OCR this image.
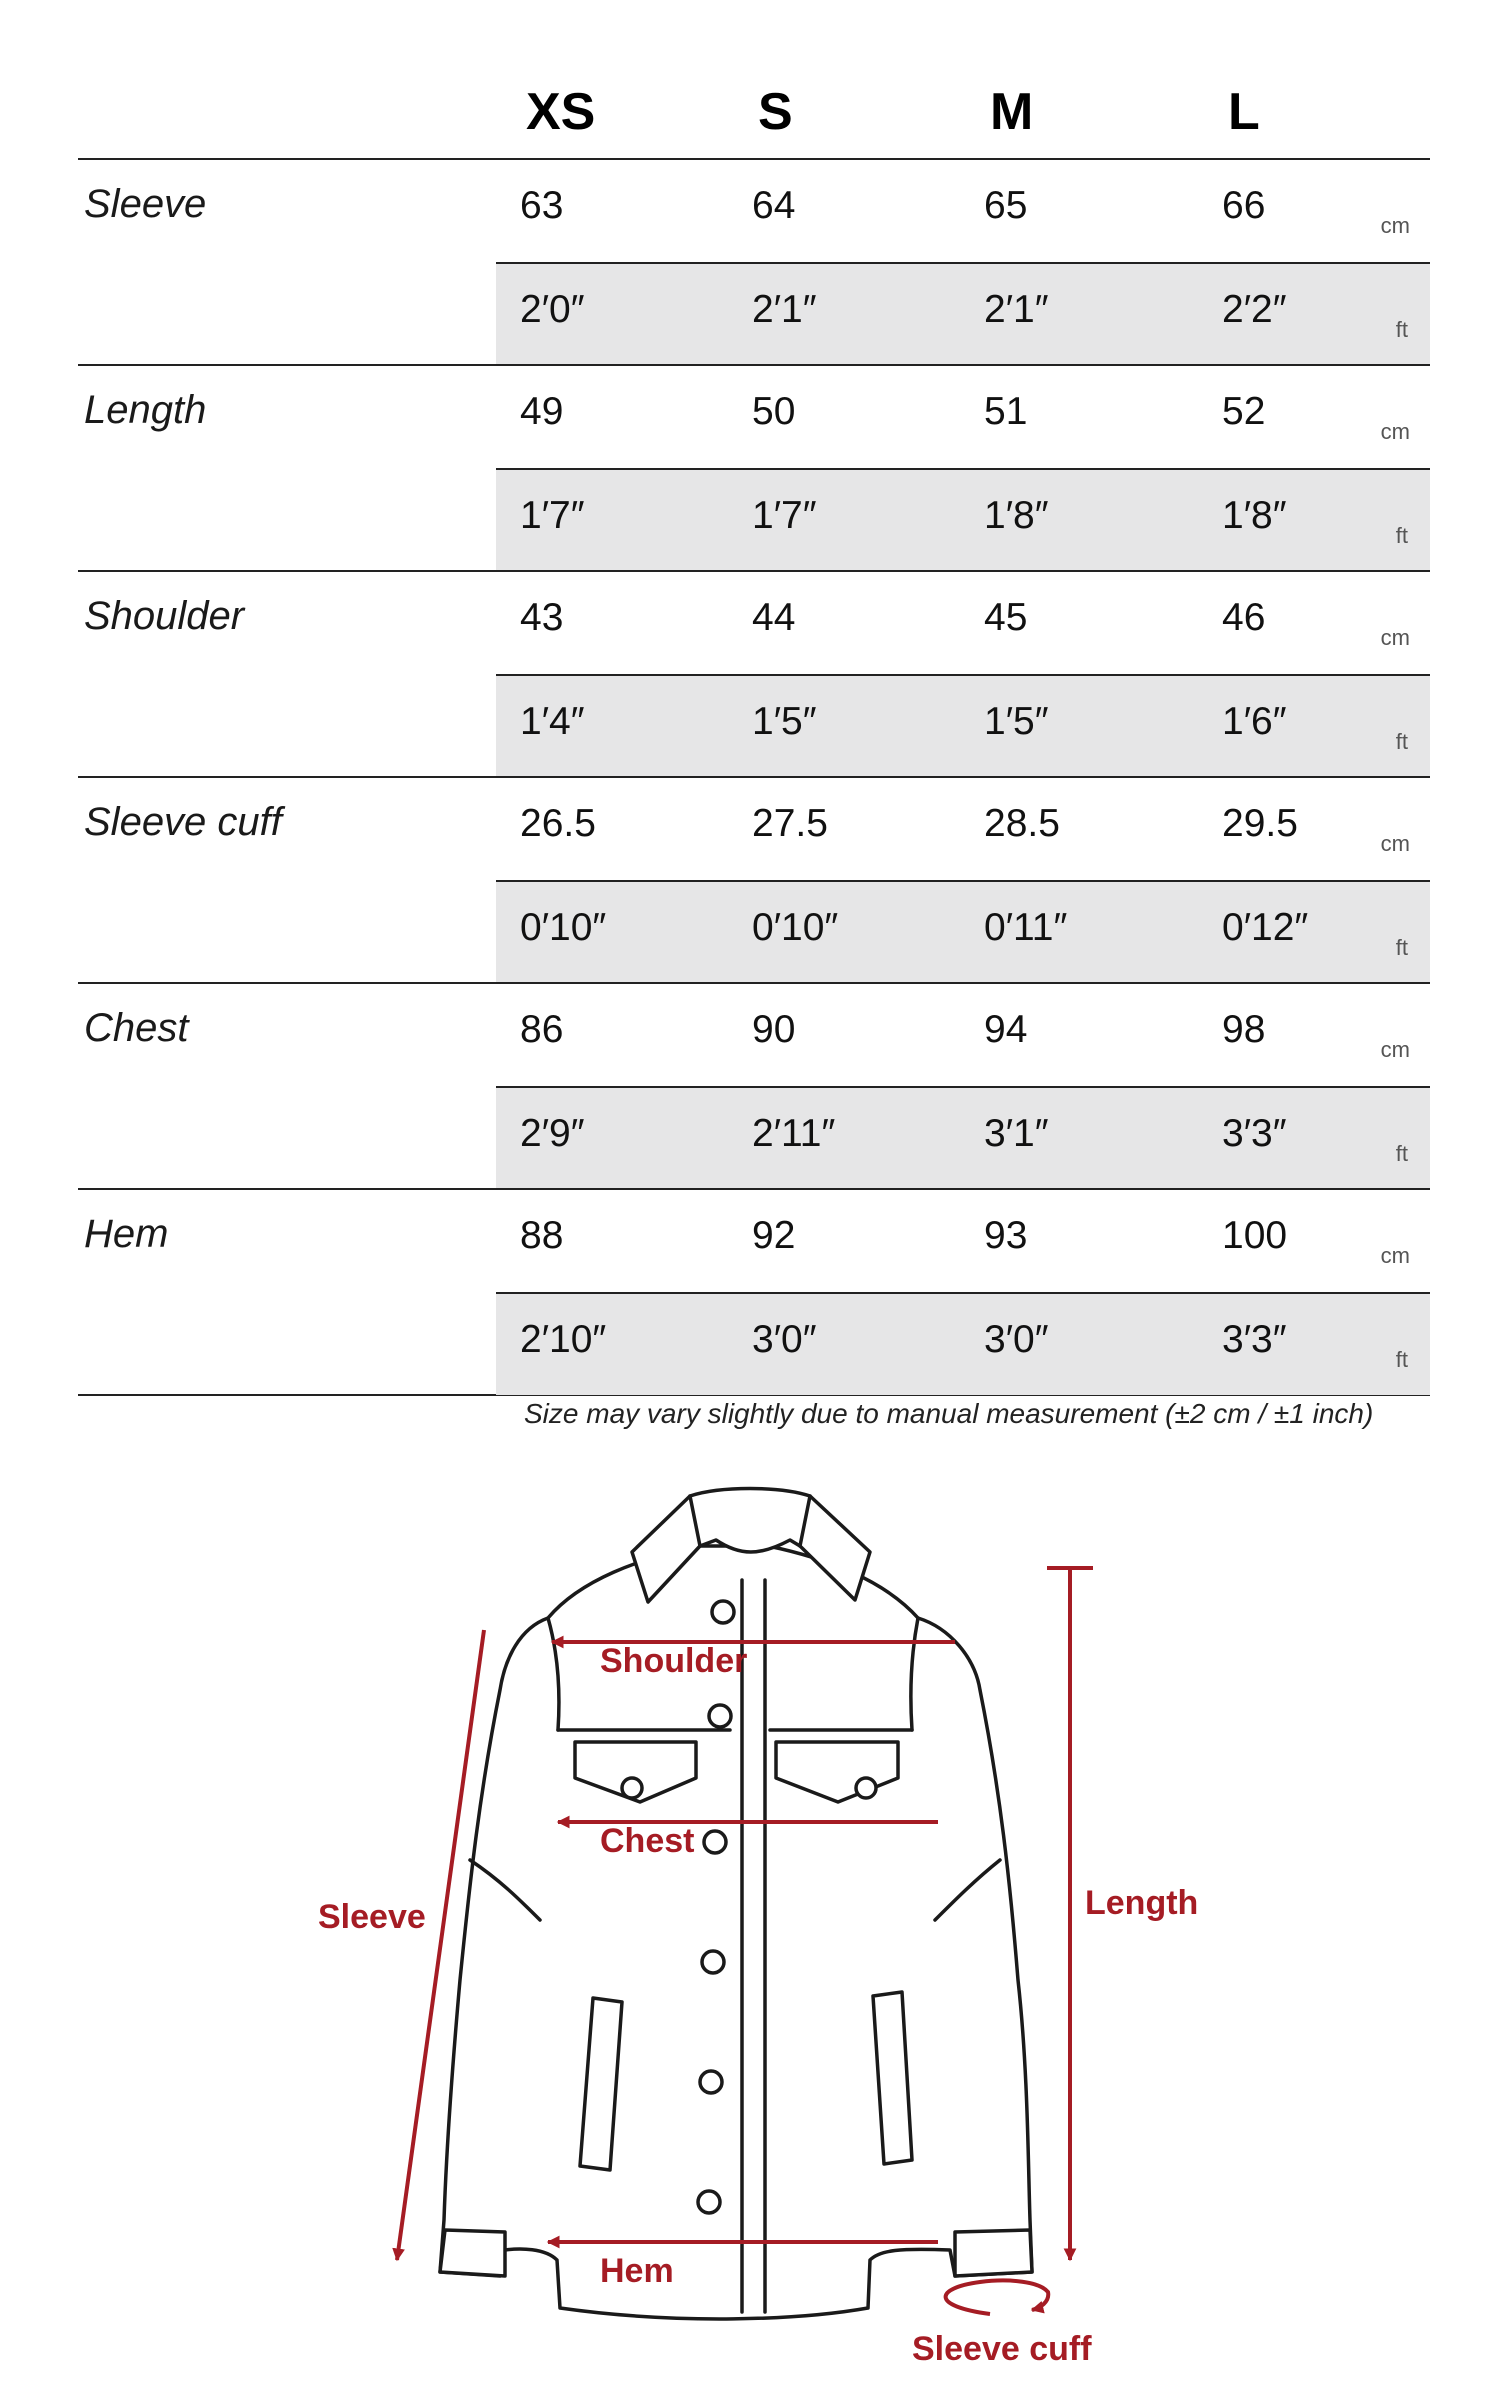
XS	S	M	L
Sleeve	63	64	65	66	cm
2′0″	2′1″	2′1″	2′2″	ft
Length	49	50	51	52	cm
1′7″	1′7″	1′8″	1′8″	ft
Shoulder	43	44	45	46	cm
1′4″	1′5″	1′5″	1′6″	ft
Sleeve cuff	26.5	27.5	28.5	29.5	cm
0′10″	0′10″	0′11″	0′12″	ft
Chest	86	90	94	98	cm
2′9″	2′11″	3′1″	3′3″	ft
Hem	88	92	93	100	cm
2′10″	3′0″	3′0″	3′3″	ft
Size may vary slightly due to manual measurement (±2 cm / ±1 inch)
Shoulder
Chest
Sleeve	Length
Hem
Sleeve cuff
